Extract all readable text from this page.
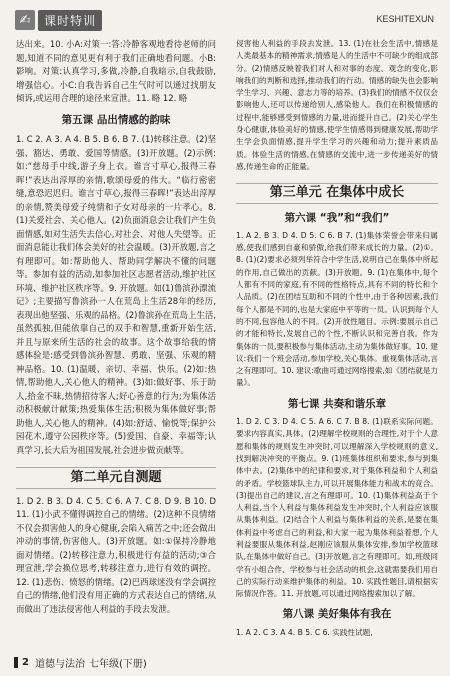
✍	课时特训	KESHITEXUN

达出来。10. 小A:对策一:答:冷静客观地看待老师的问题,知道不同的意见更有利于我们正确地看问题。小B:影响。对策:认真学习,多做,冷静,自我暗示,自我鼓励,增强信心。小C:自我告诉自己生气时可以通过找朋友倾诉,或运用合理的途径来宣泄。11. 略 12. 略

第五课 品出情感的韵味

1. C 2. A 3. A 4. B 5. B 6. B 7. (1)转移注意。(2)坚强、豁达、勇敢、爱国等情感。(3)开放题。(2)示例:如:“慈母手中线,游子身上衣。谁言寸草心,报得三春晖!”表达出淳厚的亲情,歌颂母爱的伟大。“临行密密缝,意恐迟迟归。谁言寸草心,报得三春晖!”表达出淳厚的亲情,赞美母爱子纯情和子女对母亲的一片孝心。8. (1)关爱社会、关心他人。(2)负面消息会让我们产生负面情感,如对生活失去信心,对社会、对他人失望等。正面消息能让我们体会美好的社会温暖。(3)开放题,言之有理即可。如:帮助他人、帮助同学解决不懂的问题等。参加有益的活动,如参加社区志愿者活动,维护社区环境、维护社区秩序等。9. 开放题。如(1)鲁滨孙漂流记》;主要描写鲁滨孙一人在荒岛上生活28年的经历,表现出他坚强、乐观的品格。(2)鲁滨孙在荒岛上生活,虽然孤独,但能依靠自己的双手和智慧,重新开始生活,并且与原来所生活的社会的故事。这个故事给我的情感体验是:感受到鲁滨孙智慧、勇敢、坚强、乐观的精神品格。10. (1)温暖、亲切、幸福、快乐。(2)如:热情,帮助他人,关心他人的精神。(3)如:做好事、乐于助人,拾金不昧,热情招待客人;好心善意的行为;为集体活动积极献计献策;热爱集体生活;积极为集体做好事;帮助他人,关心他人的精神。(4)如:舒适、愉悦等;保护公园花木,遵守公园秩序等。(5)爱国、自豪、幸福等;认真学习,长大后为祖国发展,社会进步做贡献等。

第二单元自测题

1. D 2. B 3. D 4. C 5. C 6. A 7. C 8. D 9. B 10. D 11. (1)小武不懂得调控自己的情绪。(2)这种不良情绪不仅会损害他人的身心健康,会陷入痛苦之中;还会做出冲动的事情,伤害他人。(3)开放题。如:①保持冷静地面对情绪。(2)转移注意力,积极进行有益的活动;③合理宣泄,学会换位思考,转移注意力,进行有效的调控。12. (1)悲伤、愤怒的情绪。(2)巴西球迷没有学会调控自己的情绪,他们没有用正确的方式表达自己的情绪,从而做出了违法侵害他人利益的手段去发泄。

侵害他人利益的手段去发泄。13. (1)在社会生活中,情感是人类最基本的精神需求,情感是人的生活中不可缺少的组成部分。(2)情感反映着我们对人和对事的态度、观念的变化,影响我们的判断和选择,推动我们的行动。情感的缺失也会影响学生学习、兴趣、意志力等的培养。(3)我们的情感不仅仅会影响他人,还可以传递给别人,感染他人。我们在积极情感的过程中,能够感受到情感的力量,进而提升自己。(2)关心学生身心健康,体验美好的情感,使学生情感得到健康发展,帮助学生学会负面情感,提升学生学习的兴趣和动力;提升素质品质。体验生活的情感,在情感的交流中,进一步传递美好的情感,传递生命的正能量。

第三单元 在集体中成长
第六课 “我”和“我们”

1. A 2. B 3. D 4. D 5. C 6. B 7. (1)集体荣誉会带来归属感,使我们感到自豪和骄傲,给我们带来成长的力量。(2)①。8. (1)(2)要求必须列举符合中学生活,说明自己在集体中所起的作用,自己做出的贡献。(3)开放题。9. (1)在集体中,每个人都有不同的家庭,有不同的性格特点,具有不同的特长和个人品质。(2)在团结互助和不同的个性中,由于各种因素,我们每个人都是不同的,也是大家庭中平等的一员。认识到每个人的不同,包容他人的不同。(2)开放性题目。示例:要展示自己的才能和特长,发展自己的个性,不断认识和完善自我。作为集体的一员,要积极参与集体活动,主动为集体做好事。10. 建议:我们一个班会活动,参加学校,关心集体。重视集体活动,言之有理即可。10. 建议:歌曲可通过网络搜索,如《团结就是力量》。

第七课 共奏和谐乐章

1. D 2. C 3. D 4. C 5. A 6. C 7. B 8. (1)联系实际问题。要求内容真实,具体。(2)理解学校规则的合理性,对于个人意愿和集体的规则发生冲突时,可以理解深入学校规则的意义,找到解决冲突的平衡点。9. (1)班集体组织和要求,参与到集体中去。(2)集体中的纪律和要求,对于集体利益和个人利益的矛盾。学校篮球队主力,可以开展集体能力和战术的竞合。(3)提出自己的建议,言之有理即可。10. (1)集体利益高于个人利益,当个人利益与集体利益发生冲突时,个人利益应该服从集体利益。(2)结合个人利益与集体利益的关系,是要在集体利益中考虑自己的利益,和大家一起为集体利益着想,个人利益要服从集体利益,赵刚应该服从集体安排,参加学校篮球队,在集体中做好自己。(3)开放题,言之有理即可。如,班级同学有小组合作、学校参与社会活动的机会,这就需要我们用自己的实际行动来维护集体的利益。10. 实践性题目,请根据实际情况作答。11. 开放题,可以通过网络搜索加以了解。

第八课 美好集体有我在

1. A 2. C 3. A 4. B 5. C 6. 实践性试题,

2 道德与法治 七年级(下册)
